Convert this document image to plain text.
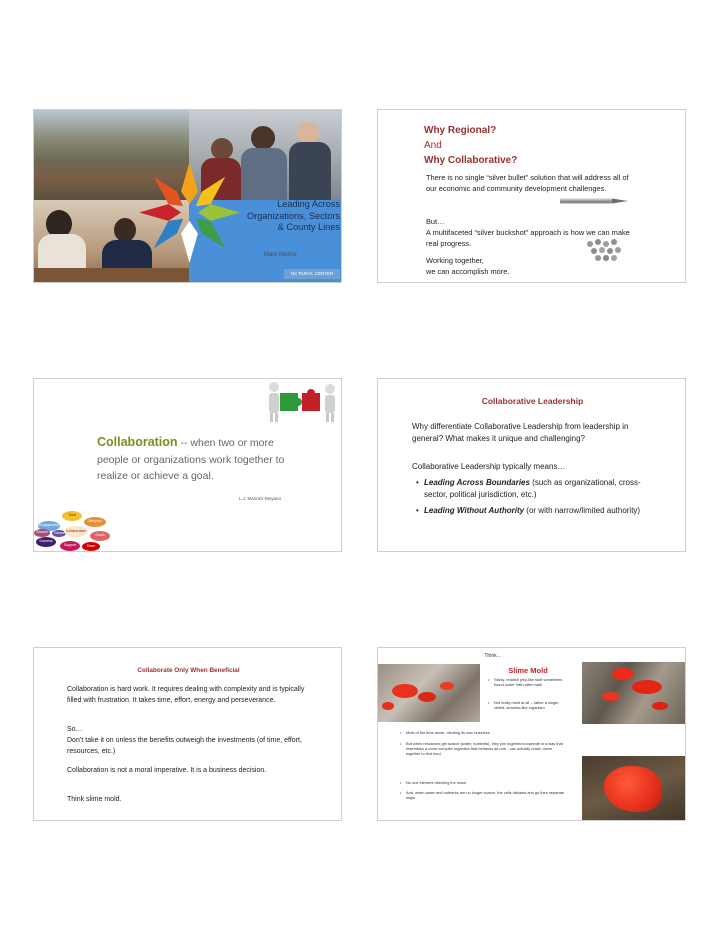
Leading Across
Organizations, Sectors
& County Lines
Mark Moline
NC RURAL CENTER
Why Regional?
And
Why Collaborative?
There is no single “silver bullet” solution that will address all of our economic and community development challenges.
But…
A multifaceted “silver buckshot” approach is how we can make real progress.
Working together,
we can accomplish more.
Collaboration -- when two or more people or organizations work together to realize or achieve a goal.
L.J. Marinez-Moyano
Trust
Respect
Engagement
Success
Support
Shared
Goals
Team
Values Collaboration
Collaborative Leadership
Why differentiate Collaborative Leadership from leadership in general? What makes it unique and challenging?
Collaborative Leadership typically means…
• Leading Across Boundaries (such as organizational, cross-sector, political jurisdiction, etc.)
• Leading Without Authority (or with narrow/limited authority)
Collaborate Only When Beneficial
Collaboration is hard work. It requires dealing with complexity and is typically filled with frustration. It takes time, effort, energy and perseverance.
So…
Don’t take it on unless the benefits outweigh the investments (of time, effort, resources, etc.)
Collaboration is not a moral imperative. It is a business decision.
Think slime mold.
Think…
Slime Mold
• Sticky, reddish jelly-like stuff sometimes found under half-rotten bark
• Not really mold at all – rather a single-celled, amoeba-like organism
• Most of the time alone, minding its own business
• But when resources get scarce (water, nutrients), they join together/cooperate in a way that resembles a more complex organism that behaves as one…can actually crawl, move together to find food
• No one element directing the show
• And, when water and nutrients are no longer scarce, the cells disband and go their separate ways.
